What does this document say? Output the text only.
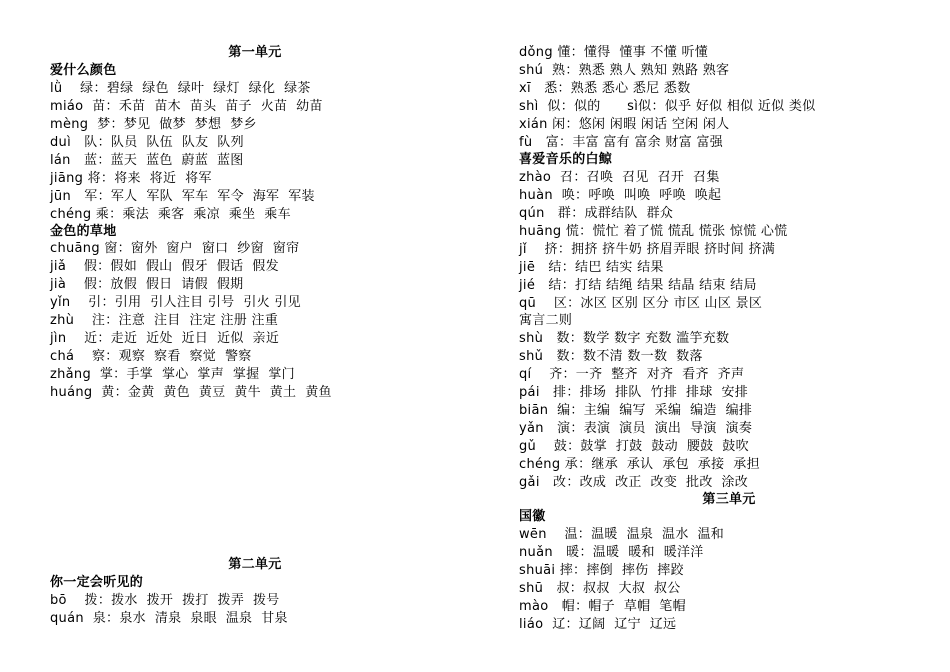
第一单元
爱什么颜色
lǜ    绿：碧绿  绿色  绿叶  绿灯  绿化  绿茶
miáo  苗：禾苗  苗木  苗头  苗子  火苗  幼苗
mèng  梦：梦见  做梦  梦想  梦乡
duì   队：队员  队伍  队友  队列
lán   蓝：蓝天  蓝色  蔚蓝  蓝图
jiāng 将：将来  将近  将军
jūn   军：军人  军队  军车  军令  海军  军装
chéng 乘：乘法  乘客  乘凉  乘坐  乘车
金色的草地
chuāng 窗：窗外  窗户  窗口  纱窗  窗帘
jiǎ    假：假如  假山  假牙  假话  假发
jià    假：放假  假日  请假  假期
yǐn    引：引用  引人注目 引号  引火 引见
zhù    注：注意  注目  注定 注册 注重
jìn    近：走近  近处  近日  近似  亲近
chá    察：观察  察看  察觉  警察
zhǎng  掌：手掌  掌心  掌声  掌握  掌门
huáng  黄：金黄  黄色  黄豆  黄牛  黄土  黄鱼
第二单元
你一定会听见的
bō    拨：拨水  拨开  拨打  拨弄  拨号
quán  泉：泉水  清泉  泉眼  温泉  甘泉
dǒng 懂：懂得  懂事 不懂 听懂
shú  熟：熟悉 熟人 熟知 熟路 熟客
xī   悉：熟悉 悉心 悉尼 悉数
shì  似：似的      sì似：似乎 好似 相似 近似 类似
xián 闲：悠闲 闲暇 闲话 空闲 闲人
fù   富：丰富 富有 富余 财富 富强
喜爱音乐的白鲸
zhào  召：召唤  召见  召开  召集
huàn  唤：呼唤  叫唤  呼唤  唤起
qún   群：成群结队  群众
huāng 慌：慌忙 着了慌 慌乱 慌张 惊慌 心慌
jǐ    挤：拥挤 挤牛奶 挤眉弄眼 挤时间 挤满
jiē   结：结巴 结实 结果
jié   结：打结 结绳 结果 结晶 结束 结局
qū    区：冰区 区别 区分 市区 山区 景区
寓言二则
shù   数：数学 数字 充数 滥竽充数
shǔ   数：数不清 数一数  数落
qí    齐：一齐  整齐  对齐  看齐  齐声
pái   排：排场  排队  竹排  排球  安排
biān  编：主编  编写  采编  编造  编排
yǎn   演：表演  演员  演出  导演  演奏
gǔ    鼓：鼓掌  打鼓  鼓动  腰鼓  鼓吹
chéng 承：继承  承认  承包  承接  承担
gǎi   改：改成  改正  改变  批改  涂改
第三单元
国徽
wēn    温：温暖  温泉  温水  温和
nuǎn   暖：温暖  暖和  暖洋洋
shuāi 摔：摔倒  摔伤  摔跤
shū   叔：叔叔  大叔  叔公
mào   帽：帽子  草帽  笔帽
liáo  辽：辽阔  辽宁  辽远
